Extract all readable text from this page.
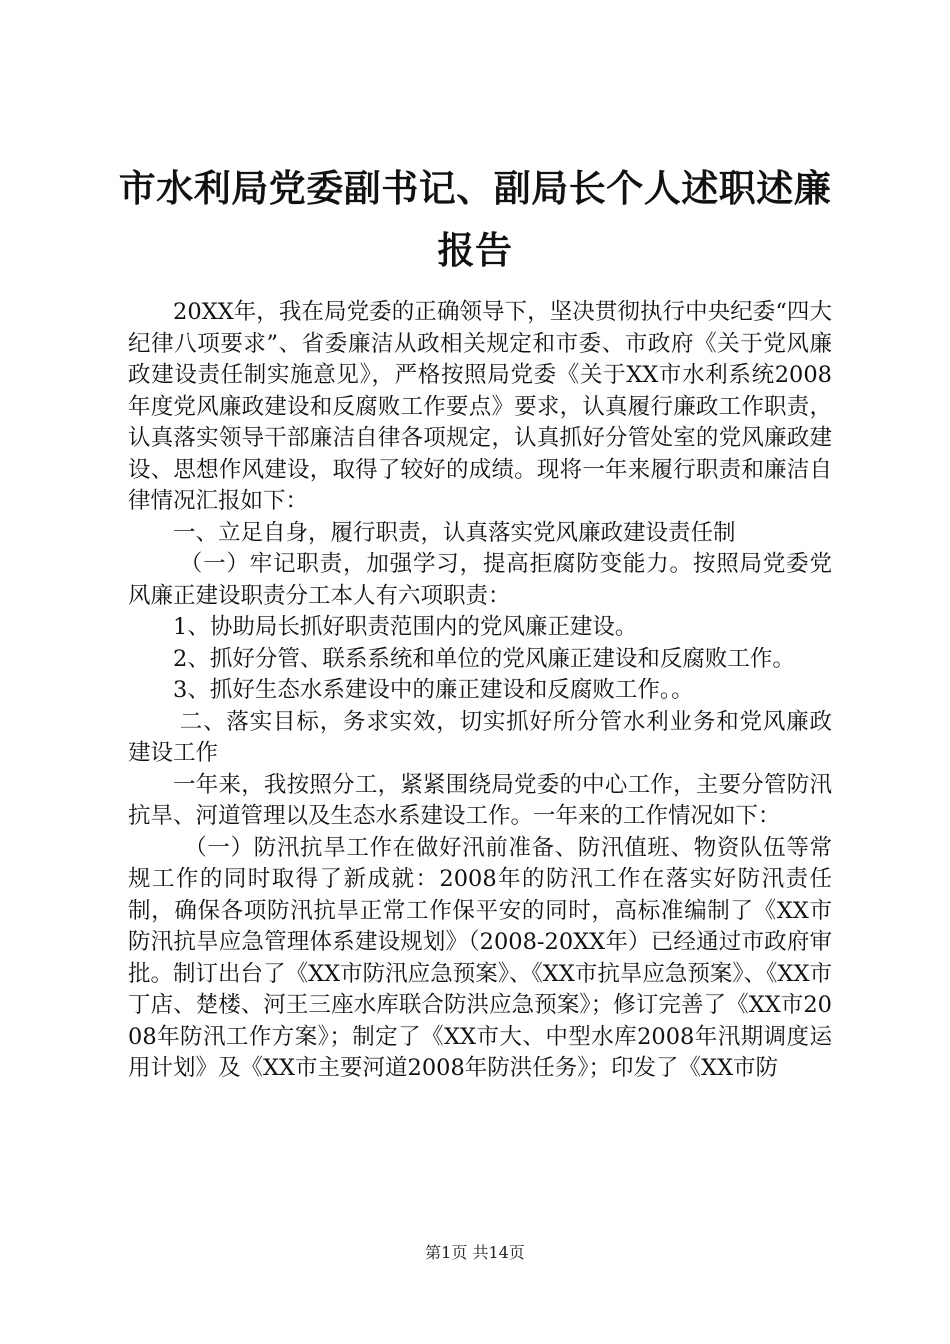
市水利局党委副书记、副局长个人述职述廉报告

20XX年，我在局党委的正确领导下，坚决贯彻执行中央纪委“四大纪律八项要求”、省委廉洁从政相关规定和市委、市政府《关于党风廉政建设责任制实施意见》，严格按照局党委《关于XX市水利系统2008年度党风廉政建设和反腐败工作要点》要求，认真履行廉政工作职责，认真落实领导干部廉洁自律各项规定，认真抓好分管处室的党风廉政建设、思想作风建设，取得了较好的成绩。现将一年来履行职责和廉洁自律情况汇报如下：

一、立足自身，履行职责，认真落实党风廉政建设责任制

（一）牢记职责，加强学习，提高拒腐防变能力。按照局党委党风廉正建设职责分工本人有六项职责：

1、协助局长抓好职责范围内的党风廉正建设。

2、抓好分管、联系系统和单位的党风廉正建设和反腐败工作。

3、抓好生态水系建设中的廉正建设和反腐败工作。。

二、落实目标，务求实效，切实抓好所分管水利业务和党风廉政建设工作

一年来，我按照分工，紧紧围绕局党委的中心工作，主要分管防汛抗旱、河道管理以及生态水系建设工作。一年来的工作情况如下：

（一）防汛抗旱工作在做好汛前准备、防汛值班、物资队伍等常规工作的同时取得了新成就：2008年的防汛工作在落实好防汛责任制，确保各项防汛抗旱正常工作保平安的同时，高标准编制了《XX市防汛抗旱应急管理体系建设规划》（2008-20XX年）已经通过市政府审批。制订出台了《XX市防汛应急预案》、《XX市抗旱应急预案》、《XX市丁店、楚楼、河王三座水库联合防洪应急预案》；修订完善了《XX市2008年防汛工作方案》；制定了《XX市大、中型水库2008年汛期调度运用计划》及《XX市主要河道2008年防洪任务》；印发了《XX市防

第1页 共14页
